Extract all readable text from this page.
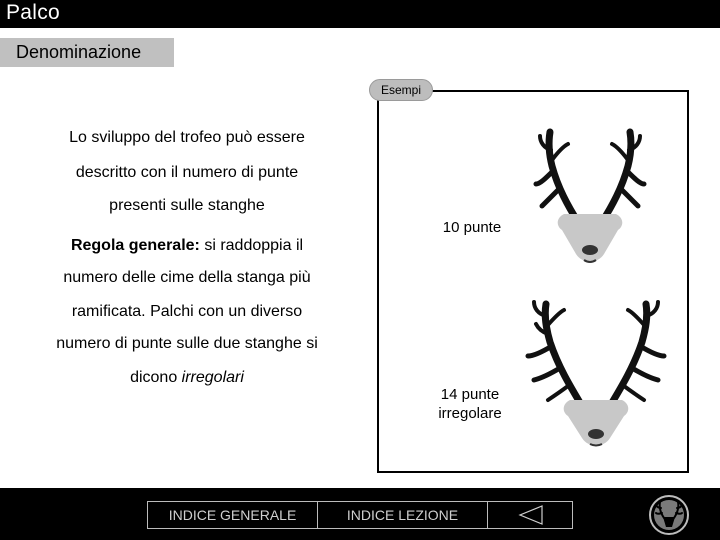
Palco
Denominazione
Lo sviluppo del trofeo può essere
descritto con il numero di punte
presenti sulle stanghe
Regola generale: si raddoppia il
numero delle cime della stanga più
ramificata. Palchi con un diverso
numero di punte sulle due stanghe si
dicono irregolari
Esempi
10 punte
14 punte
irregolare
INDICE GENERALE	INDICE LEZIONE
